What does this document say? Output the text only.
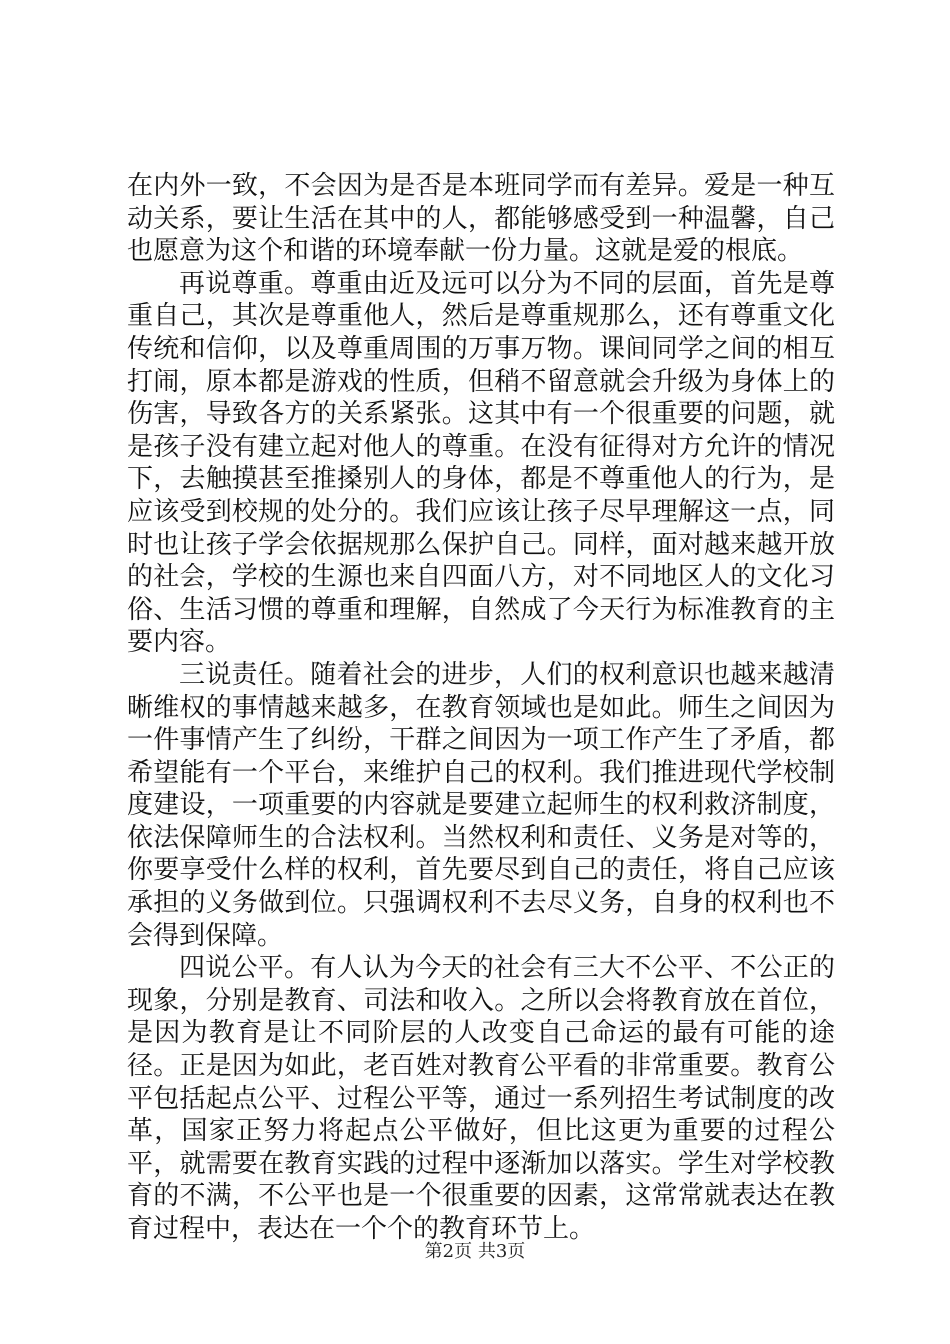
在内外一致，不会因为是否是本班同学而有差异。爱是一种互动关系，要让生活在其中的人，都能够感受到一种温馨，自己也愿意为这个和谐的环境奉献一份力量。这就是爱的根底。

再说尊重。尊重由近及远可以分为不同的层面，首先是尊重自己，其次是尊重他人，然后是尊重规那么，还有尊重文化传统和信仰，以及尊重周围的万事万物。课间同学之间的相互打闹，原本都是游戏的性质，但稍不留意就会升级为身体上的伤害，导致各方的关系紧张。这其中有一个很重要的问题，就是孩子没有建立起对他人的尊重。在没有征得对方允许的情况下，去触摸甚至推搡别人的身体，都是不尊重他人的行为，是应该受到校规的处分的。我们应该让孩子尽早理解这一点，同时也让孩子学会依据规那么保护自己。同样，面对越来越开放的社会，学校的生源也来自四面八方，对不同地区人的文化习俗、生活习惯的尊重和理解，自然成了今天行为标准教育的主要内容。

三说责任。随着社会的进步，人们的权利意识也越来越清晰维权的事情越来越多，在教育领域也是如此。师生之间因为一件事情产生了纠纷，干群之间因为一项工作产生了矛盾，都希望能有一个平台，来维护自己的权利。我们推进现代学校制度建设，一项重要的内容就是要建立起师生的权利救济制度，依法保障师生的合法权利。当然权利和责任、义务是对等的，你要享受什么样的权利，首先要尽到自己的责任，将自己应该承担的义务做到位。只强调权利不去尽义务，自身的权利也不会得到保障。

四说公平。有人认为今天的社会有三大不公平、不公正的现象，分别是教育、司法和收入。之所以会将教育放在首位，是因为教育是让不同阶层的人改变自己命运的最有可能的途径。正是因为如此，老百姓对教育公平看的非常重要。教育公平包括起点公平、过程公平等，通过一系列招生考试制度的改革，国家正努力将起点公平做好，但比这更为重要的过程公平，就需要在教育实践的过程中逐渐加以落实。学生对学校教育的不满，不公平也是一个很重要的因素，这常常就表达在教育过程中，表达在一个个的教育环节上。

第2页 共3页
